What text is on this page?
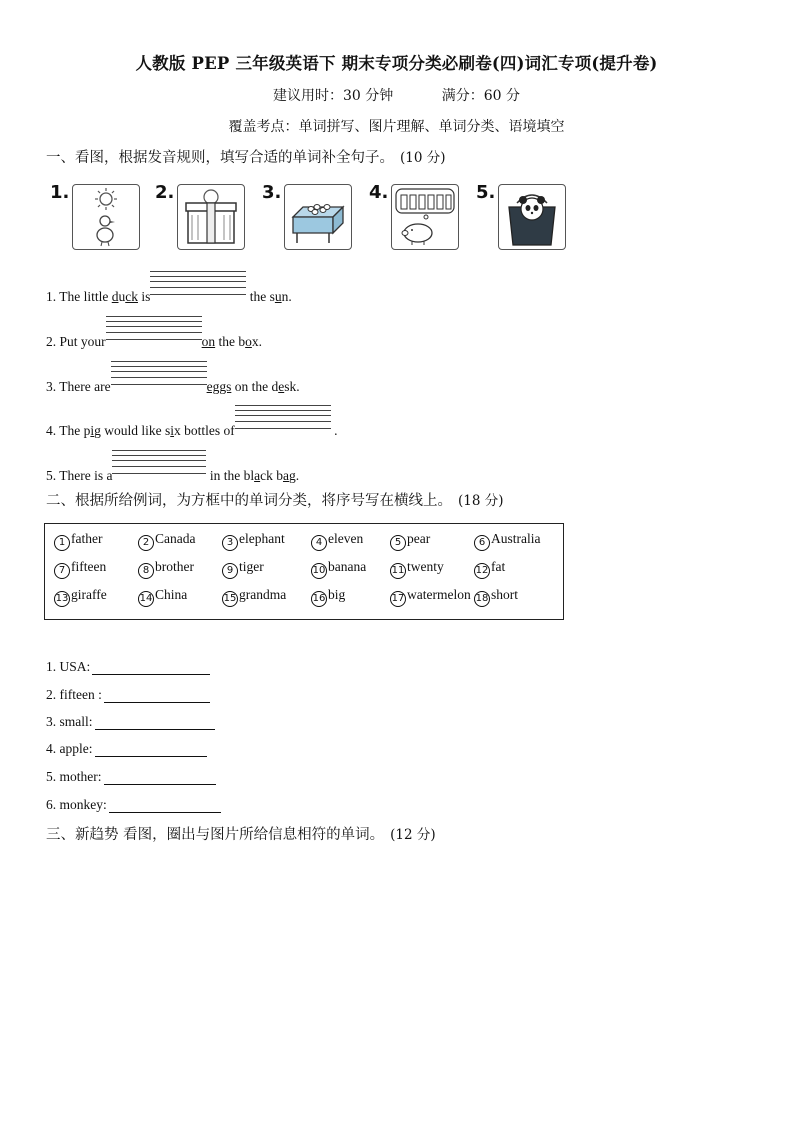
人教版 PEP 三年级英语下 期末专项分类必刷卷(四)词汇专项(提升卷)
建议用时：30 分钟	满分：60 分
覆盖考点：单词拼写、图片理解、单词分类、语境填空
一、看图，根据发音规则，填写合适的单词补全句子。 (10 分)
1.	2.	3.	4.	5.
1. The little duck is	the sun.
2. Put your	on the box.
3. There are	eggs on the desk.
4. The pig would like six bottles of	.
5. There is a	in the black bag.
二、根据所给例词，为方框中的单词分类，将序号写在横线上。 (18 分)
1 father	2 Canada	3 elephant	4 eleven	5 pear	6 Australia
7 fifteen	8 brother	9 tiger	10 banana	11 twenty	12 fat
13 giraffe	14 China	15 grandma	16 big	17 watermelon 18 short
1. USA:
2. fifteen :
3. small:
4. apple:
5. mother:
6. monkey:
三、新趋势 看图，圈出与图片所给信息相符的单词。 (12 分)
